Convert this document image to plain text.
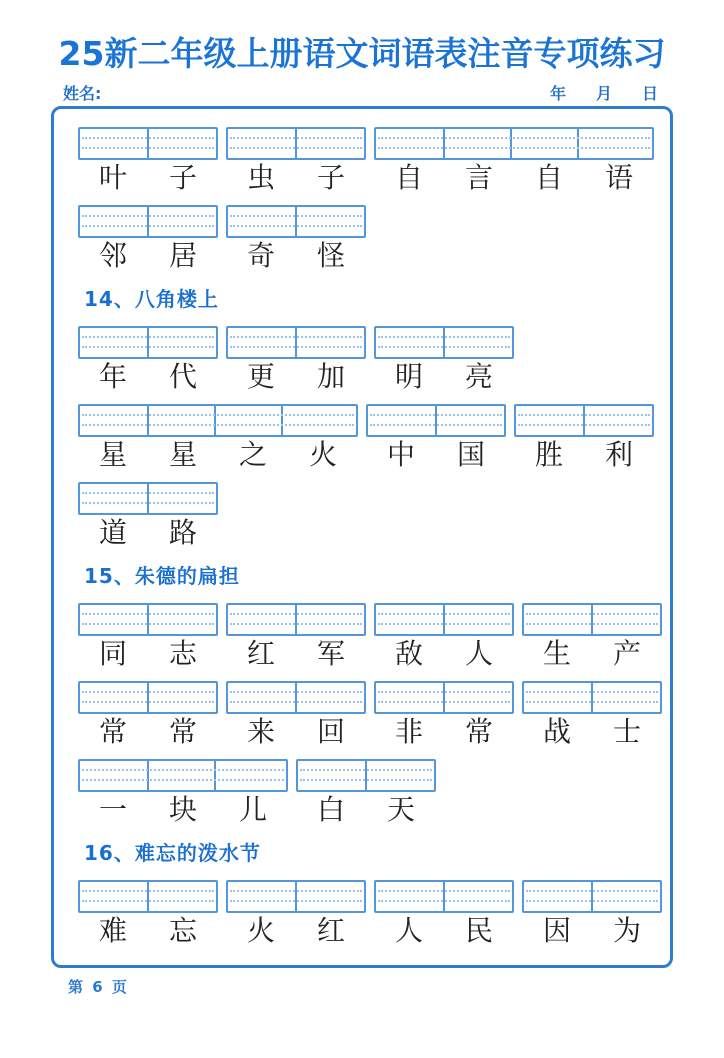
25新二年级上册语文词语表注音专项练习
姓名:	年 月 日
叶	子	虫	子	自	言	自	语
邻	居	奇	怪
14、八角楼上
年	代	更	加	明	亮
星	星	之	火	中	国	胜	利
道	路
15、朱德的扁担
同	志	红	军	敌	人	生	产
常	常	来	回	非	常	战	士
一	块	儿	白	天
16、难忘的泼水节
难	忘	火	红	人	民	因	为
第 6 页
